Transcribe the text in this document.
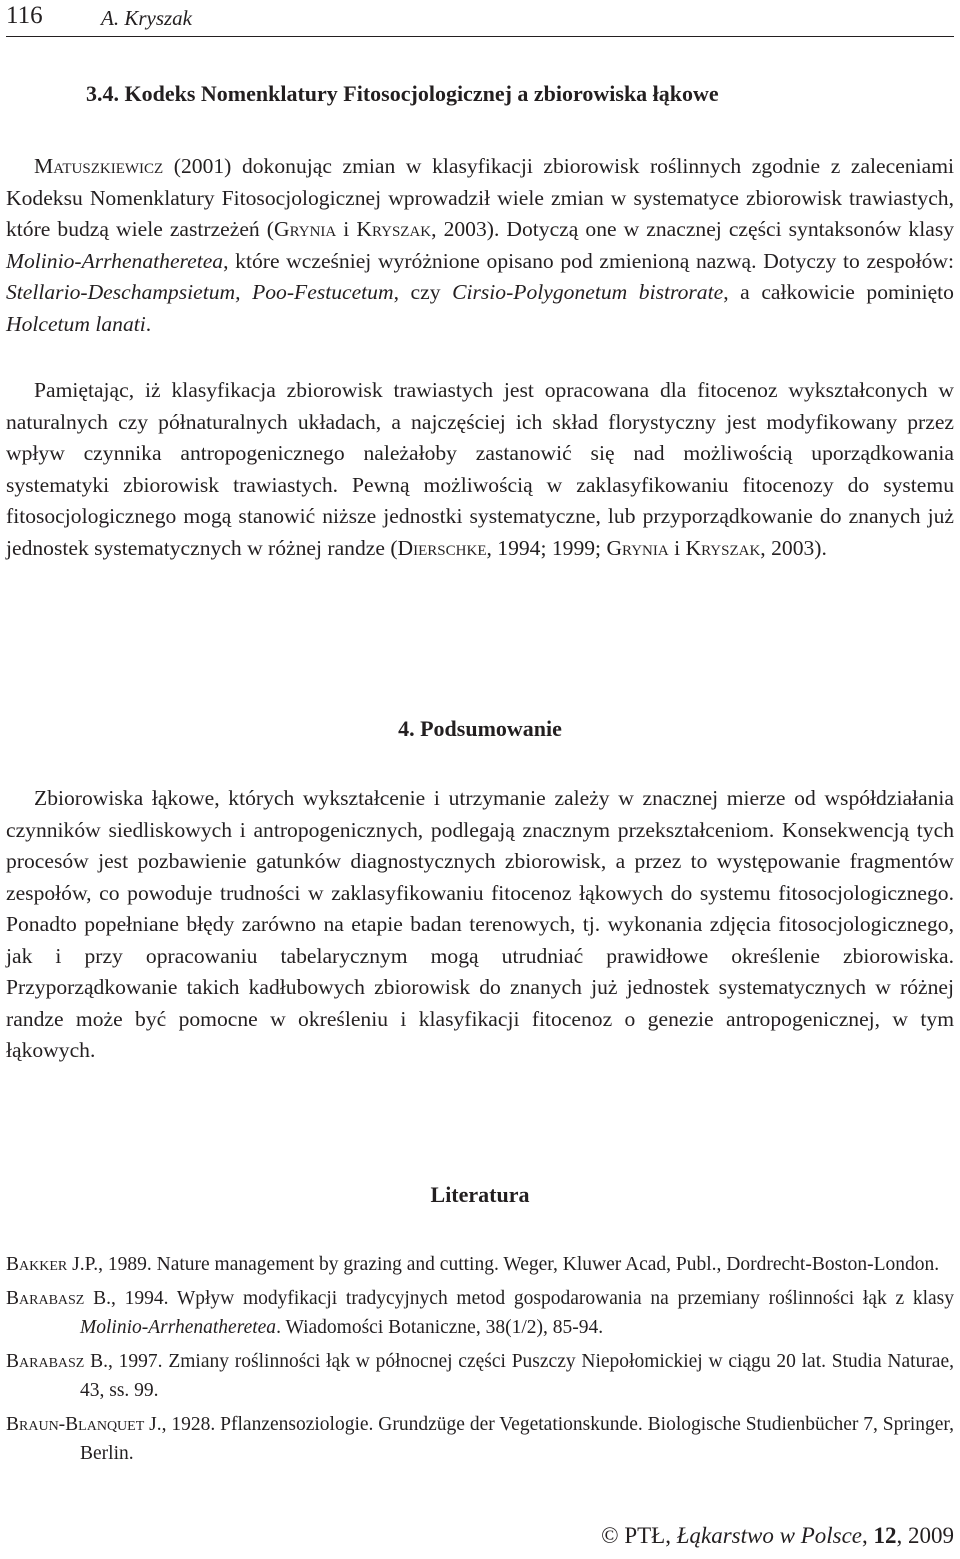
116	A. Kryszak
3.4. Kodeks Nomenklatury Fitosocjologicznej a zbiorowiska łąkowe

Matuszkiewicz (2001) dokonując zmian w klasyfikacji zbiorowisk roślinnych zgodnie z zaleceniami Kodeksu Nomenklatury Fitosocjologicznej wprowadził wiele zmian w systematyce zbiorowisk trawiastych, które budzą wiele zastrzeżeń (Grynia i Kryszak, 2003). Dotyczą one w znacznej części syntaksonów klasy Molinio-Arrhenatheretea, które wcześniej wyróżnione opisano pod zmienioną nazwą. Dotyczy to zespołów: Stellario-Deschampsietum, Poo-Festucetum, czy Cirsio-Polygonetum bistrorate, a całkowicie pominięto Holcetum lanati.

Pamiętając, iż klasyfikacja zbiorowisk trawiastych jest opracowana dla fitocenoz wykształconych w naturalnych czy półnaturalnych układach, a najczęściej ich skład florystyczny jest modyfikowany przez wpływ czynnika antropogenicznego należałoby zastanowić się nad możliwością uporządkowania systematyki zbiorowisk trawiastych. Pewną możliwością w zaklasyfikowaniu fitocenozy do systemu fitosocjologicznego mogą stanowić niższe jednostki systematyczne, lub przyporządkowanie do znanych już jednostek systematycznych w różnej randze (Dierschke, 1994; 1999; Grynia i Kryszak, 2003).

4. Podsumowanie

Zbiorowiska łąkowe, których wykształcenie i utrzymanie zależy w znacznej mierze od współdziałania czynników siedliskowych i antropogenicznych, podlegają znacznym przekształceniom. Konsekwencją tych procesów jest pozbawienie gatunków diagnostycznych zbiorowisk, a przez to występowanie fragmentów zespołów, co powoduje trudności w zaklasyfikowaniu fitocenoz łąkowych do systemu fitosocjologicznego. Ponadto popełniane błędy zarówno na etapie badan terenowych, tj. wykonania zdjęcia fitosocjologicznego, jak i przy opracowaniu tabelarycznym mogą utrudniać prawidłowe określenie zbiorowiska. Przyporządkowanie takich kadłubowych zbiorowisk do znanych już jednostek systematycznych w różnej randze może być pomocne w określeniu i klasyfikacji fitocenoz o genezie antropogenicznej, w tym łąkowych.

Literatura

Bakker J.P., 1989. Nature management by grazing and cutting. Weger, Kluwer Acad, Publ., Dordrecht-Boston-London.

Barabasz B., 1994. Wpływ modyfikacji tradycyjnych metod gospodarowania na przemiany roślinności łąk z klasy Molinio-Arrhenatheretea. Wiadomości Botaniczne, 38(1/2), 85-94.

Barabasz B., 1997. Zmiany roślinności łąk w północnej części Puszczy Niepołomickiej w ciągu 20 lat. Studia Naturae, 43, ss. 99.

Braun-Blanquet J., 1928. Pflanzensoziologie. Grundzüge der Vegetationskunde. Biologische Studienbücher 7, Springer, Berlin.

© PTŁ, Łąkarstwo w Polsce, 12, 2009
